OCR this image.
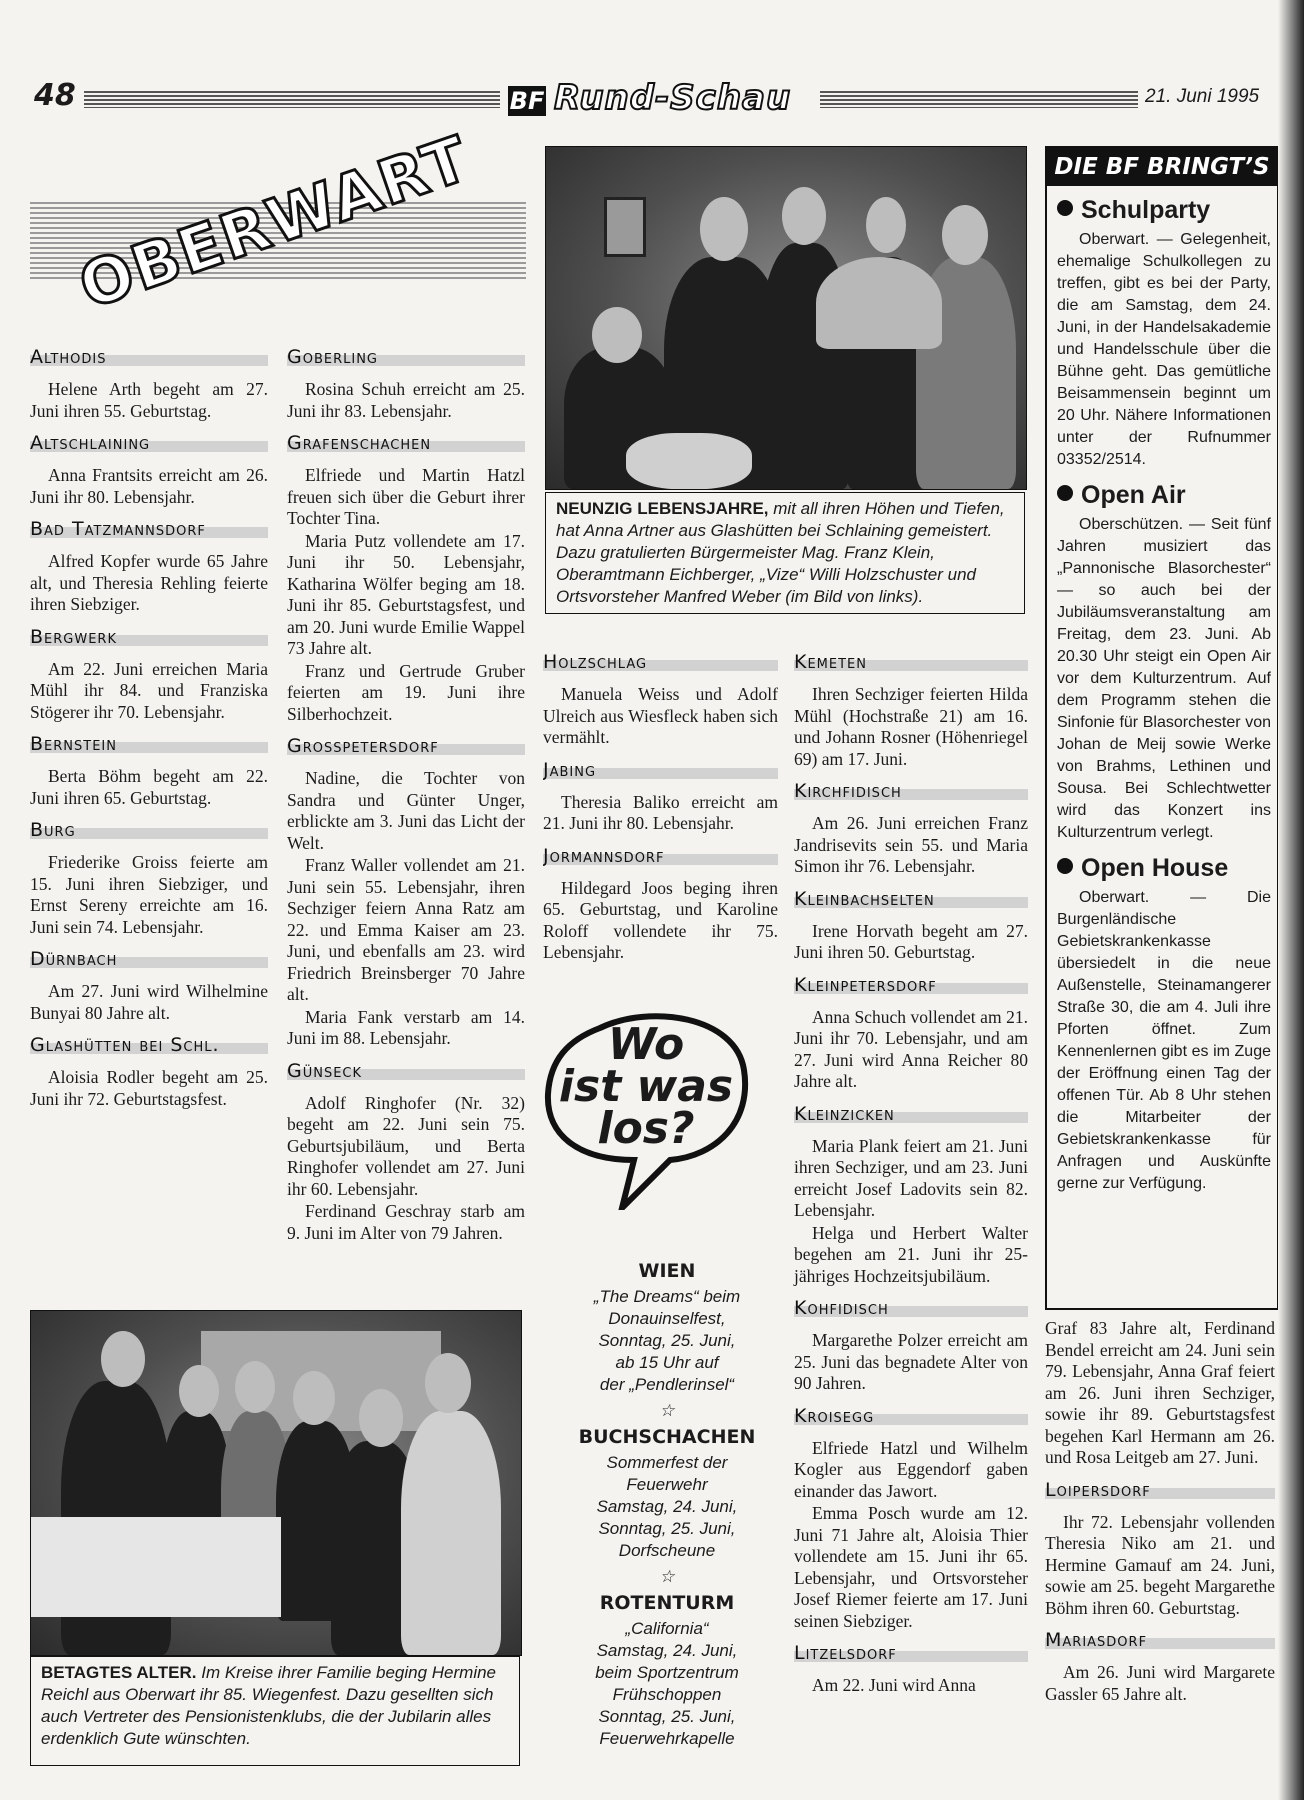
48	BF Rund-Schau	21. Juni 1995
OBERWART
Althodis

Helene Arth begeht am 27. Juni ihren 55. Geburtstag.

Altschlaining

Anna Frantsits erreicht am 26. Juni ihr 80. Lebensjahr.

Bad Tatzmannsdorf

Alfred Kopfer wurde 65 Jahre alt, und Theresia Rehling feierte ihren Siebziger.

Bergwerk

Am 22. Juni erreichen Maria Mühl ihr 84. und Franziska Stögerer ihr 70. Lebensjahr.

Bernstein

Berta Böhm begeht am 22. Juni ihren 65. Geburtstag.

Burg

Friederike Groiss feierte am 15. Juni ihren Siebziger, und Ernst Sereny erreichte am 16. Juni sein 74. Lebensjahr.

Dürnbach

Am 27. Juni wird Wilhelmine Bunyai 80 Jahre alt.

Glashütten bei Schl.

Aloisia Rodler begeht am 25. Juni ihr 72. Geburtstagsfest.

Goberling

Rosina Schuh erreicht am 25. Juni ihr 83. Lebensjahr.

Grafenschachen

Elfriede und Martin Hatzl freuen sich über die Geburt ihrer Tochter Tina.

Maria Putz vollendete am 17. Juni ihr 50. Lebensjahr, Katharina Wölfer beging am 18. Juni ihr 85. Geburtstagsfest, und am 20. Juni wurde Emilie Wappel 73 Jahre alt.

Franz und Gertrude Gruber feierten am 19. Juni ihre Silberhochzeit.

Grosspetersdorf

Nadine, die Tochter von Sandra und Günter Unger, erblickte am 3. Juni das Licht der Welt.

Franz Waller vollendet am 21. Juni sein 55. Lebensjahr, ihren Sechziger feiern Anna Ratz am 22. und Emma Kaiser am 23. Juni, und ebenfalls am 23. wird Friedrich Breinsberger 70 Jahre alt.

Maria Fank verstarb am 14. Juni im 88. Lebensjahr.

Günseck

Adolf Ringhofer (Nr. 32) begeht am 22. Juni sein 75. Geburtsjubiläum, und Berta Ringhofer vollendet am 27. Juni ihr 60. Lebensjahr.

Ferdinand Geschray starb am 9. Juni im Alter von 79 Jahren.

Holzschlag

Manuela Weiss und Adolf Ulreich aus Wiesfleck haben sich vermählt.

Jabing

Theresia Baliko erreicht am 21. Juni ihr 80. Lebensjahr.

Jormannsdorf

Hildegard Joos beging ihren 65. Geburtstag, und Karoline Roloff vollendete ihr 75. Lebensjahr.

Kemeten

Ihren Sechziger feierten Hilda Mühl (Hochstraße 21) am 16. und Johann Rosner (Höhenriegel 69) am 17. Juni.

Kirchfidisch

Am 26. Juni erreichen Franz Jandrisevits sein 55. und Maria Simon ihr 76. Lebensjahr.

Kleinbachselten

Irene Horvath begeht am 27. Juni ihren 50. Geburtstag.

Kleinpetersdorf

Anna Schuch vollendet am 21. Juni ihr 70. Lebensjahr, und am 27. Juni wird Anna Reicher 80 Jahre alt.

Kleinzicken

Maria Plank feiert am 21. Juni ihren Sechziger, und am 23. Juni erreicht Josef Ladovits sein 82. Lebensjahr.

Helga und Herbert Walter begehen am 21. Juni ihr 25-jähriges Hochzeitsjubiläum.

Kohfidisch

Margarethe Polzer erreicht am 25. Juni das begnadete Alter von 90 Jahren.

Kroisegg

Elfriede Hatzl und Wilhelm Kogler aus Eggendorf gaben einander das Jawort.

Emma Posch wurde am 12. Juni 71 Jahre alt, Aloisia Thier vollendete am 15. Juni ihr 65. Lebensjahr, und Ortsvorsteher Josef Riemer feierte am 17. Juni seinen Siebziger.

Litzelsdorf

Am 22. Juni wird Anna

Graf 83 Jahre alt, Ferdinand Bendel erreicht am 24. Juni sein 79. Lebensjahr, Anna Graf feiert am 26. Juni ihren Sechziger, sowie ihr 89. Geburtstagsfest begehen Karl Hermann am 26. und Rosa Leitgeb am 27. Juni.

Loipersdorf

Ihr 72. Lebensjahr vollenden Theresia Niko am 21. und Hermine Gamauf am 24. Juni, sowie am 25. begeht Margarethe Böhm ihren 60. Geburtstag.

Mariasdorf

Am 26. Juni wird Margarete Gassler 65 Jahre alt.

NEUNZIG LEBENSJAHRE, mit all ihren Höhen und Tiefen, hat Anna Artner aus Glashütten bei Schlaining gemeistert. Dazu gratulierten Bürgermeister Mag. Franz Klein, Oberamtmann Eichberger, „Vize“ Willi Holzschuster und Ortsvorsteher Manfred Weber (im Bild von links).
BETAGTES ALTER. Im Kreise ihrer Familie beging Hermine Reichl aus Oberwart ihr 85. Wiegenfest. Dazu gesellten sich auch Vertreter des Pensionistenklubs, die der Jubilarin alles erdenklich Gute wünschten.
Wo
ist was
los?
WIEN
„The Dreams“ beim
Donauinselfest,
Sonntag, 25. Juni,
ab 15 Uhr auf
der „Pendlerinsel“
☆
BUCHSCHACHEN
Sommerfest der
Feuerwehr
Samstag, 24. Juni,
Sonntag, 25. Juni,
Dorfscheune
☆
ROTENTURM
„California“
Samstag, 24. Juni,
beim Sportzentrum
Frühschoppen
Sonntag, 25. Juni,
Feuerwehrkapelle
DIE BF BRINGT’S
Schulparty

Oberwart. — Gelegenheit, ehemalige Schulkollegen zu treffen, gibt es bei der Party, die am Samstag, dem 24. Juni, in der Handelsakademie und Handelsschule über die Bühne geht. Das gemütliche Beisammensein beginnt um 20 Uhr. Nähere Informationen unter der Rufnummer 03352/2514.

Open Air

Oberschützen. — Seit fünf Jahren musiziert das „Pannonische Blasorchester“ — so auch bei der Jubiläumsveranstaltung am Freitag, dem 23. Juni. Ab 20.30 Uhr steigt ein Open Air vor dem Kulturzentrum. Auf dem Programm stehen die Sinfonie für Blasorchester von Johan de Meij sowie Werke von Brahms, Lethinen und Sousa. Bei Schlechtwetter wird das Konzert ins Kulturzentrum verlegt.

Open House

Oberwart. — Die Burgenländische Gebietskrankenkasse übersiedelt in die neue Außenstelle, Steinamangerer Straße 30, die am 4. Juli ihre Pforten öffnet. Zum Kennenlernen gibt es im Zuge der Eröffnung einen Tag der offenen Tür. Ab 8 Uhr stehen die Mitarbeiter der Gebietskrankenkasse für Anfragen und Auskünfte gerne zur Verfügung.
